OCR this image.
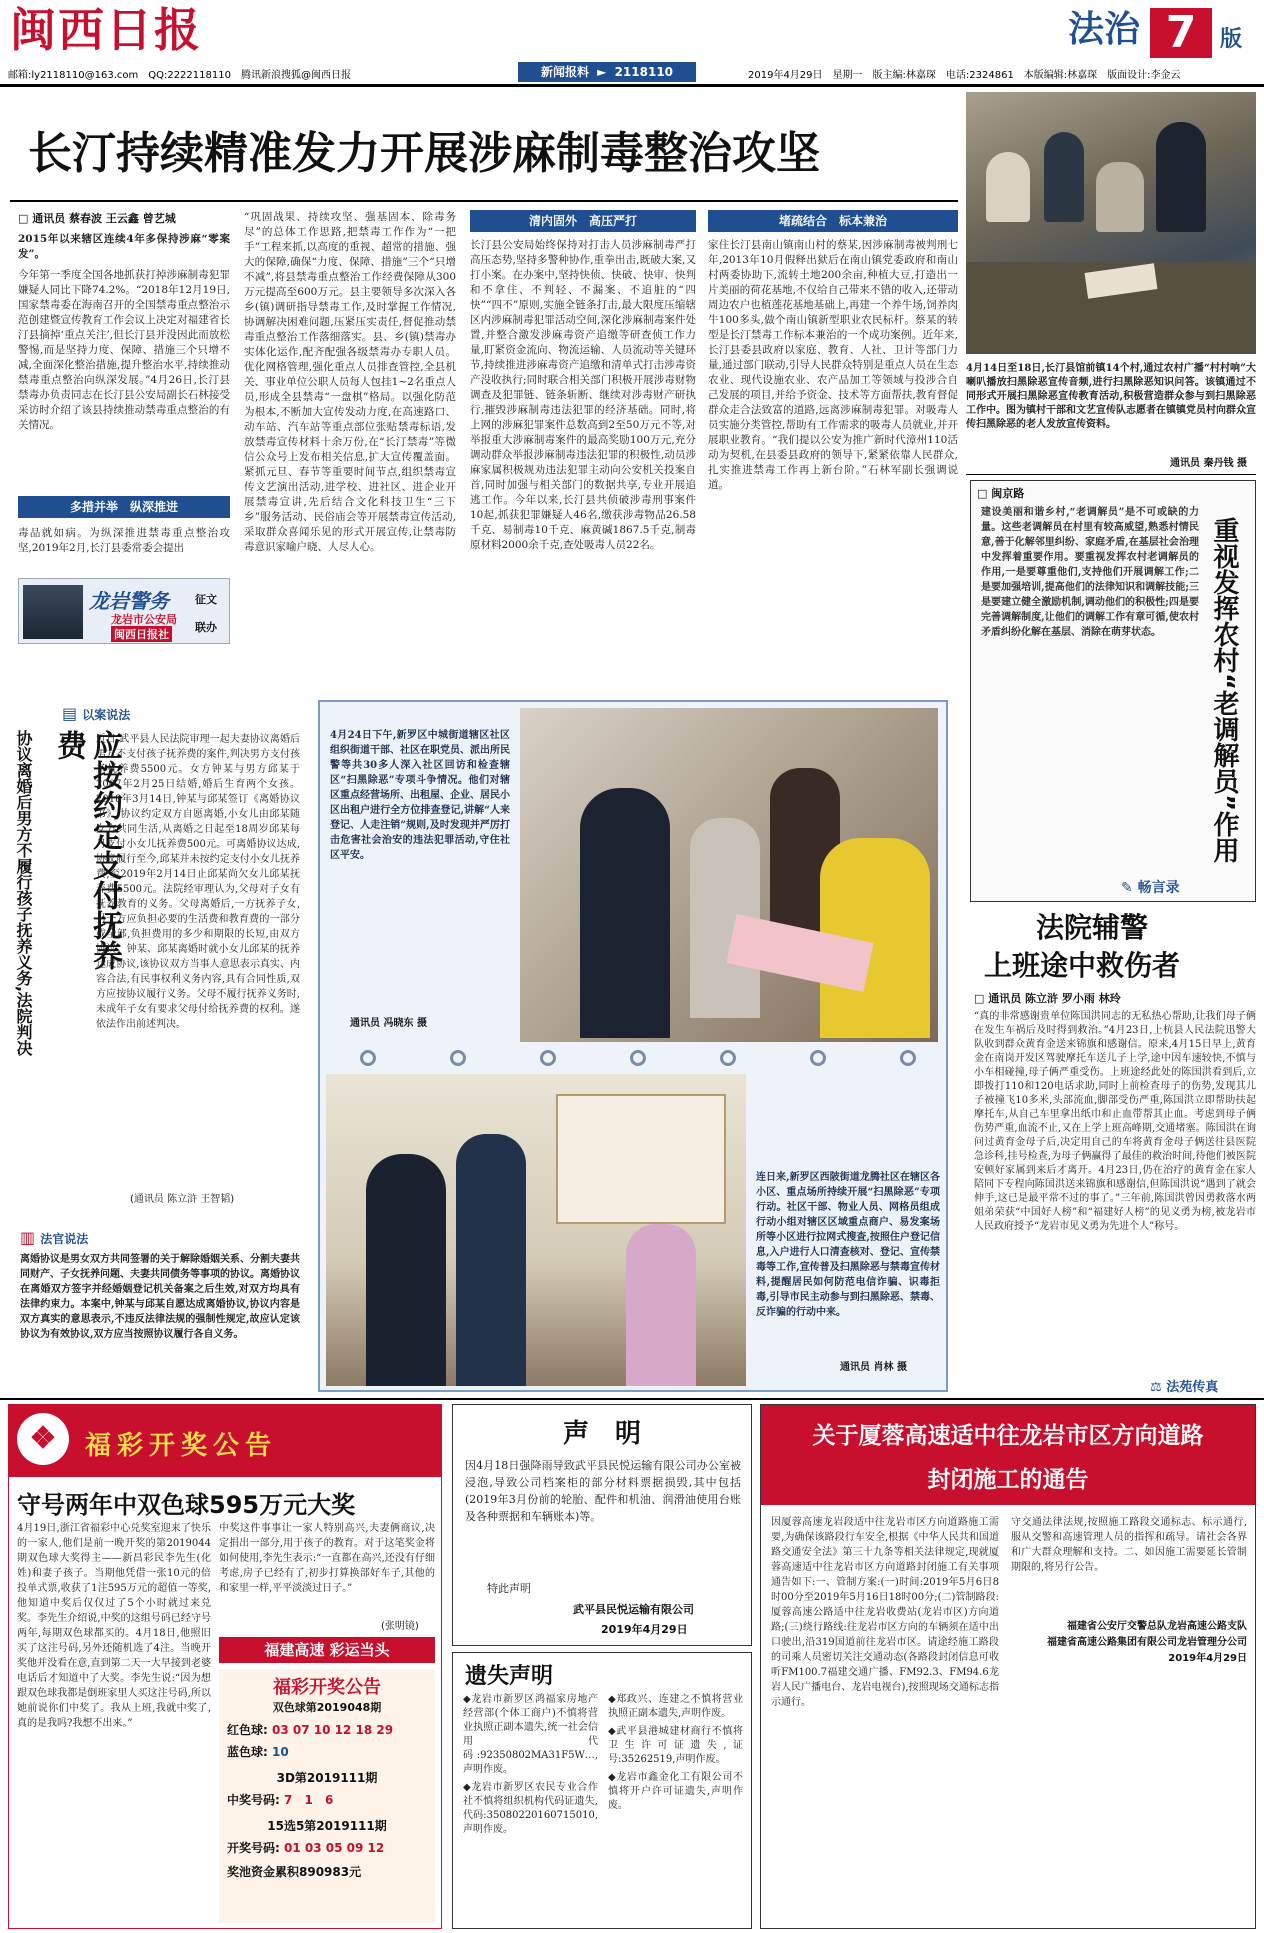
闽西日报	法治 7	版
邮箱:ly2118110@163.com　QQ:2222118110　腾讯新浪搜狐@闽西日报	新闻报料 ► 2118110	2019年4月29日　星期一　版主编:林嘉琛　电话:2324861　本版编辑:林嘉琛　版面设计:李金云
长汀持续精准发力开展涉麻制毒整治攻坚
□ 通讯员 蔡春波 王云鑫 曾艺城
2015年以来辖区连续4年多保持涉麻“零案发”。
今年第一季度全国各地抓获打掉涉麻制毒犯罪嫌疑人同比下降74.2%。“2018年12月19日,国家禁毒委在海南召开的全国禁毒重点整治示范创建暨宣传教育工作会议上决定对福建省长汀县摘掉‘重点关注’,但长汀县并没因此而放松警惕,而是坚持力度、保障、措施三个只增不减,全面深化整治措施,提升整治水平,持续推动禁毒重点整治向纵深发展。”4月26日,长汀县禁毒办负责同志在长汀县公安局副长石林接受采访时介绍了该县持续推动禁毒重点整治的有关情况。
多措并举　纵深推进
毒品就如病。为纵深推进禁毒重点整治攻坚,2019年2月,长汀县委常委会提出
龙岩警务 征文
龙岩市公安局
闽西日报社
联办
“巩固战果、持续攻坚、强基固本、除毒务尽”的总体工作思路,把禁毒工作作为“一把手”工程来抓,以高度的重视、超常的措施、强大的保障,确保“力度、保障、措施”三个“只增不减”,将县禁毒重点整治工作经费保障从300万元提高至600万元。县主要领导多次深入各乡(镇)调研指导禁毒工作,及时掌握工作情况,协调解决困难问题,压紧压实责任,督促推动禁毒重点整治工作落细落实。县、乡(镇)禁毒办实体化运作,配齐配强各级禁毒办专职人员。优化网格管理,强化重点人员排查管控,全县机关、事业单位公职人员每人包挂1~2名重点人员,形成全县禁毒“一盘棋”格局。以强化防范为根本,不断加大宣传发动力度,在高速路口、动车站、汽车站等重点部位张贴禁毒标语,发放禁毒宣传材料十余万份,在“长汀禁毒”等微信公众号上发布相关信息,扩大宣传覆盖面。紧抓元旦、春节等重要时间节点,组织禁毒宣传文艺演出活动,进学校、进社区、进企业开展禁毒宣讲,先后结合文化科技卫生“三下乡”服务活动、民俗庙会等开展禁毒宣传活动,采取群众喜闻乐见的形式开展宣传,让禁毒防毒意识家喻户晓、人尽人心。
清内固外　高压严打
长汀县公安局始终保持对打击人员涉麻制毒严打高压态势,坚持多警种协作,重拳出击,既破大案,又打小案。在办案中,坚持快侦、快破、快审、快判和不拿住、不判轻、不漏案、不追脏的“四快”“四不”原则,实施全链条打击,最大限度压缩辖区内涉麻制毒犯罪活动空间,深化涉麻制毒案件处置,并整合激发涉麻毒资产追缴等研查侦工作力量,盯紧资金流向、物流运输、人员流动等关键环节,持续推进涉麻毒资产追缴和清单式打击涉毒资产没收执行;同时联合相关部门积极开展涉毒财物调查及犯罪链、链条斩断、继续对涉毒财产研执行,摧毁涉麻制毒违法犯罪的经济基础。同时,将上网的涉麻犯罪案件总数高到2至50万元不等,对举报重大涉麻制毒案件的最高奖励100万元,充分调动群众举报涉麻制毒违法犯罪的积极性,动员涉麻家属积极规劝违法犯罪主动向公安机关投案自首,同时加强与相关部门的数据共享,专业开展追逃工作。今年以来,长汀县共侦破涉毒刑事案件10起,抓获犯罪嫌疑人46名,缴获涉毒物品26.58千克、易制毒10千克、麻黄碱1867.5千克,制毒原材料2000余千克,查处吸毒人员22名。
堵疏结合　标本兼治
家住长汀县南山镇南山村的蔡某,因涉麻制毒被判刑七年,2013年10月假释出狱后在南山镇党委政府和南山村两委协助下,流转土地200余亩,种植大豆,打造出一片美丽的荷花基地,不仅给自己带来不错的收入,还带动周边农户也植莲花基地基础上,再建一个养牛场,饲养肉牛100多头,做个南山镇新型职业农民标杆。蔡某的转型是长汀禁毒工作标本兼治的一个成功案例。近年来,长汀县委县政府以家庭、教育、人社、卫计等部门力量,通过部门联动,引导人民群众特别是重点人员在生态农业、现代设施农业、农产品加工等领域与投涉合自己发展的项目,并给予资金、技术等方面帮扶,教育督促群众走合法致富的道路,远离涉麻制毒犯罪。对吸毒人员实施分类管控,帮助有工作需求的吸毒人员就业,并开展职业教育。“我们提以公安为推广新时代漳州110活动为契机,在县委县政府的领导下,紧紧依靠人民群众,扎实推进禁毒工作再上新台阶。”石林军副长强调说道。
4月14日至18日,长汀县馆前镇14个村,通过农村广播“村村响”大喇叭播放扫黑除恶宣传音频,进行扫黑除恶知识问答。该镇通过不同形式开展扫黑除恶宣传教育活动,积极营造群众参与到扫黑除恶工作中。图为镇村干部和文艺宣传队志愿者在镇镇党员村向群众宣传扫黑除恶的老人发放宣传资料。
通讯员 秦丹钱 摄
□ 闽京路
建设美丽和谐乡村,“老调解员”是不可或缺的力量。这些老调解员在村里有较高威望,熟悉村情民意,善于化解邻里纠纷、家庭矛盾,在基层社会治理中发挥着重要作用。要重视发挥农村老调解员的作用,一是要尊重他们,支持他们开展调解工作;二是要加强培训,提高他们的法律知识和调解技能;三是要建立健全激励机制,调动他们的积极性;四是要完善调解制度,让他们的调解工作有章可循,使农村矛盾纠纷化解在基层、消除在萌芽状态。	重视发挥农村“老调解员”作用
✎ 畅言录
▤ 以案说法
协议离婚后男方不履行孩子抚养义务,法院判决	应按约定支付抚养费	近日,武平县人民法院审理一起夫妻协议离婚后男方不支付孩子抚养费的案件,判决男方支付孩子抚养费5500元。女方钟某与男方邱某于2007年2月25日结婚,婚后生育两个女孩。2018年3月14日,钟某与邱某签订《离婚协议书》,协议约定双方自愿离婚,小女儿由邱某随女方共同生活,从离婚之日起至18周岁邱某每月支付小女儿抚养费500元。可离婚协议达成,协议履行至今,邱某并未按约定支付小女儿抚养费,至2019年2月14日止邱某尚欠女儿邱某抚养费5500元。法院经审理认为,父母对子女有抚养教育的义务。父母离婚后,一方抚养子女,另一方应负担必要的生活费和教育费的一部分或全部,负担费用的多少和期限的长短,由双方协议。钟某、邱某离婚时就小女儿邱某的抚养达成协议,该协议双方当事人意思表示真实、内容合法,有民事权利义务内容,具有合同性质,双方应按协议履行义务。父母不履行抚养义务时,未成年子女有要求父母付给抚养费的权利。遂依法作出前述判决。
(通讯员 陈立浒 王智韬)
▥ 法官说法
离婚协议是男女双方共同签署的关于解除婚姻关系、分割夫妻共同财产、子女抚养问题、夫妻共同债务等事项的协议。离婚协议在离婚双方签字并经婚姻登记机关备案之后生效,对双方均具有法律约束力。本案中,钟某与邱某自愿达成离婚协议,协议内容是双方真实的意思表示,不违反法律法规的强制性规定,故应认定该协议为有效协议,双方应当按照协议履行各自义务。
4月24日下午,新罗区中城街道辖区社区组织街道干部、社区在职党员、派出所民警等共30多人深入社区回访和检查辖区“扫黑除恶”专项斗争情况。他们对辖区重点经营场所、出租屋、企业、居民小区出租户进行全方位排查登记,讲解“人来登记、人走注销”规则,及时发现并严厉打击危害社会治安的违法犯罪活动,守住社区平安。
通讯员 冯晓东 摄
连日来,新罗区西陂街道龙腾社区在辖区各小区、重点场所持续开展“扫黑除恶”专项行动。社区干部、物业人员、网格员组成行动小组对辖区区域重点商户、易发案场所等小区进行拉网式搜查,按照住户登记信息,入户进行人口清查核对、登记、宣传禁毒等工作,宣传普及扫黑除恶与禁毒宣传材料,提醒居民如何防范电信诈骗、识毒拒毒,引导市民主动参与到扫黑除恶、禁毒、反诈骗的行动中来。
通讯员 肖林 摄
法院辅警
上班途中救伤者
□ 通讯员 陈立浒 罗小雨 林玲
“真的非常感谢贵单位陈国洪同志的无私热心帮助,让我们母子俩在发生车祸后及时得到救治。”4月23日,上杭县人民法院迅警大队收到群众黄育金送来锦旗和感谢信。原来,4月15日早上,黄育金在南岗开发区驾驶摩托车送儿子上学,途中因车速较快,不慎与小车相碰撞,母子俩严重受伤。上班途经此处的陈国洪看到后,立即拨打110和120电话求助,同时上前检查母子的伤势,发现其儿子被撞飞10多米,头部流血,脚部受伤严重,陈国洪立即帮助扶起摩托车,从自己车里拿出纸巾和止血带帮其止血。考虑到母子俩伤势严重,血流不止,又在上学上班高峰期,交通堵塞。陈国洪在询问过黄育金母子后,决定用自己的车将黄育金母子俩送往县医院急诊科,挂号检查,为母子俩赢得了最佳的救治时间,待他们被医院安顿好家属到来后才离开。4月23日,仍在治疗的黄育金在家人陪同下专程向陈国洪送来锦旗和感谢信,但陈国洪说“遇到了就会伸手,这已是最平常不过的事了。”三年前,陈国洪曾因勇救落水两姐弟荣获“中国好人榜”和“福建好人榜”的见义勇为榜,被龙岩市人民政府授予“龙岩市见义勇为先进个人”称号。
⚖ 法苑传真
❖	福彩开奖公告
守号两年中双色球595万元大奖
4月19日,浙江省福彩中心兑奖室迎来了快乐的一家人,他们是前一晚开奖的第2019044期双色球大奖得主——新昌彩民李先生(化姓)和妻子孩子。当期他凭借一张10元的倍投单式票,收获了1注595万元的超值一等奖,他知道中奖后仅仅过了5个小时就过来兑奖。李先生介绍说,中奖的这组号码已经守号两年,每期双色球都买的。4月18日,他照旧买了这注号码,另外还随机选了4注。当晚开奖他并没看在意,直到第二天一大早接到老婆电话后才知道中了大奖。李先生说:“因为想跟双色球我都是倒班家里人买这注号码,所以她前说你们中奖了。我从上班,我就中奖了,真的是我吗?我想不出来。”
中奖这件事事让一家人特别高兴,夫妻俩商议,决定捐出一部分,用于孩子的教育。对于这笔奖金将如何使用,李先生表示:“一直都在高兴,还没有仔细考虑,房子已经有了,初步打算换部好车子,其他的和家里一样,平平淡淡过日子。”
(张明镜)
福建高速 彩运当头
福彩开奖公告
双色球第2019048期
红色球: 03 07 10 12 18 29
蓝色球: 10
3D第2019111期
中奖号码: 7 1 6
15选5第2019111期
开奖号码: 01 03 05 09 12
奖池资金累积890983元
声　明
因4月18日强降雨导致武平县民悦运输有限公司办公室被浸泡,导致公司档案柜的部分材料票据损毁,其中包括(2019年3月份前的轮胎、配件和机油、润滑油使用台账及各种票据和车辆账本)等。
特此声明
武平县民悦运输有限公司
2019年4月29日
遗失声明
◆龙岩市新罗区鸿福家房地产经营部(个体工商户)不慎将营业执照正副本遗失,统一社会信用代码:92350802MA31F5W…,声明作废。
◆龙岩市新罗区农民专业合作社不慎将组织机构代码证遗失,代码:35080220160715010,声明作废。
◆郑政兴、连建之不慎将营业执照正副本遗失,声明作废。
◆武平县港城建材商行不慎将卫生许可证遗失,证号:35262519,声明作废。
◆龙岩市鑫金化工有限公司不慎将开户许可证遗失,声明作废。
关于厦蓉高速适中往龙岩市区方向道路
封闭施工的通告
因厦蓉高速龙岩段适中往龙岩市区方向道路施工需要,为确保该路段行车安全,根据《中华人民共和国道路交通安全法》第三十九条等相关法律规定,现就厦蓉高速适中往龙岩市区方向道路封闭施工有关事项通告如下:一、管制方案:(一)时间:2019年5月6日8时00分至2019年5月16日18时00分;(二)管制路段:厦蓉高速公路适中往龙岩收费站(龙岩市区)方向道路;(三)绕行路线:往龙岩市区方向的车辆须在适中出口驶出,沿319国道前往龙岩市区。请途经施工路段的司乘人员密切关注交通动态(各路段封闭信息可收听FM100.7福建交通广播、FM92.3、FM94.6龙岩人民广播电台、龙岩电视台),按照现场交通标志指示通行。
守交通法律法规,按照施工路段交通标志、标示通行,服从交警和高速管理人员的指挥和疏导。请社会各界和广大群众理解和支持。二、如因施工需要延长管制期限的,将另行公告。
福建省公安厅交警总队龙岩高速公路支队
福建省高速公路集团有限公司龙岩管理分公司
2019年4月29日
